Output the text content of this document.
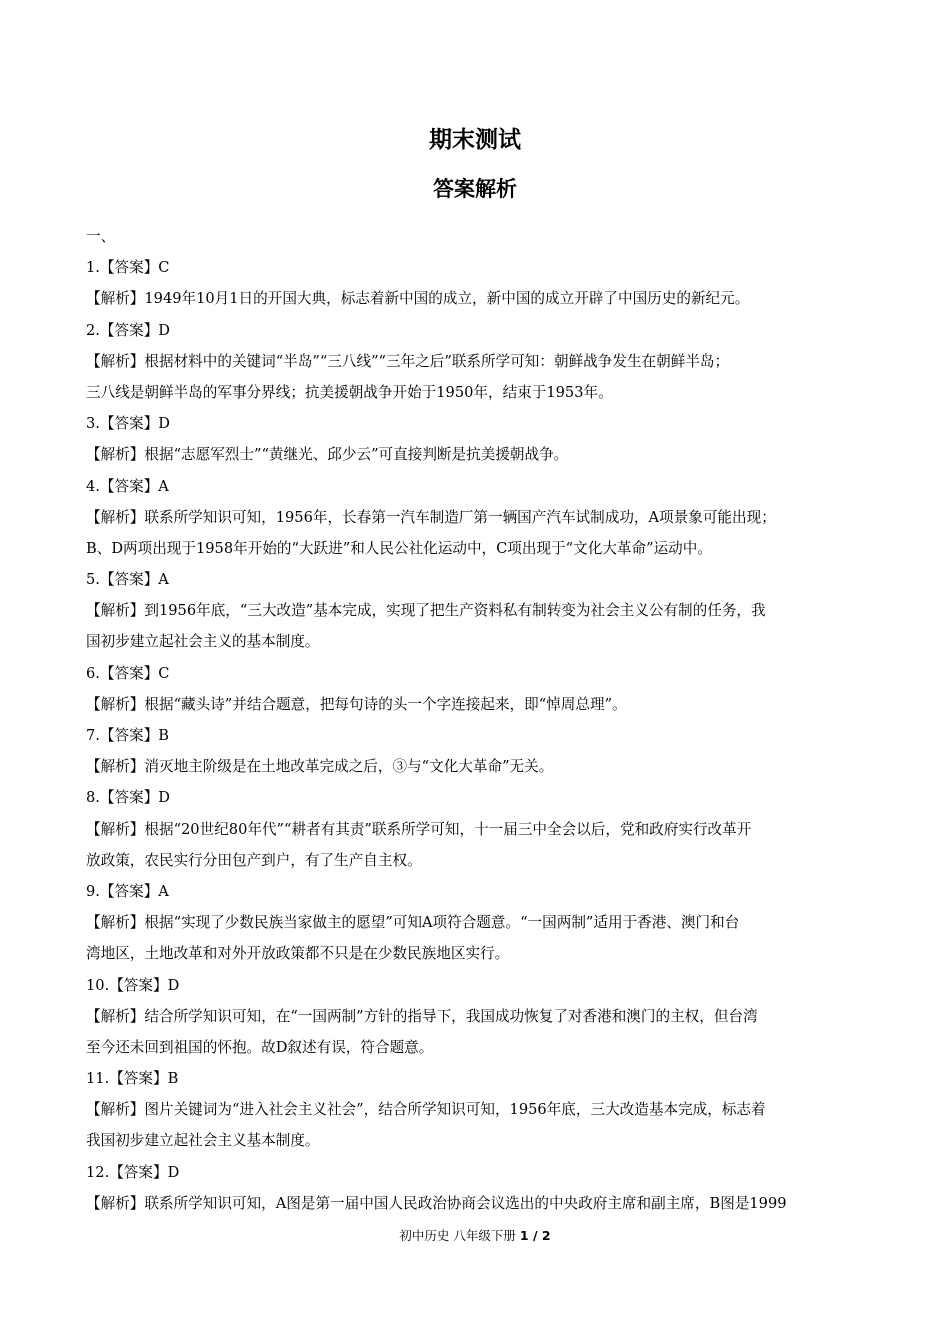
期末测试
答案解析
一、
1.【答案】C
【解析】1949年10月1日的开国大典，标志着新中国的成立，新中国的成立开辟了中国历史的新纪元。
2.【答案】D
【解析】根据材料中的关键词“半岛”“三八线”“三年之后”联系所学可知：朝鲜战争发生在朝鲜半岛；
三八线是朝鲜半岛的军事分界线；抗美援朝战争开始于1950年，结束于1953年。
3.【答案】D
【解析】根据“志愿军烈士”“黄继光、邱少云”可直接判断是抗美援朝战争。
4.【答案】A
【解析】联系所学知识可知，1956年，长春第一汽车制造厂第一辆国产汽车试制成功，A项景象可能出现；
B、D两项出现于1958年开始的“大跃进”和人民公社化运动中，C项出现于“文化大革命”运动中。
5.【答案】A
【解析】到1956年底，“三大改造”基本完成，实现了把生产资料私有制转变为社会主义公有制的任务，我
国初步建立起社会主义的基本制度。
6.【答案】C
【解析】根据“藏头诗”并结合题意，把每句诗的头一个字连接起来，即“悼周总理”。
7.【答案】B
【解析】消灭地主阶级是在土地改革完成之后，③与“文化大革命”无关。
8.【答案】D
【解析】根据“20世纪80年代”“耕者有其责”联系所学可知，十一届三中全会以后，党和政府实行改革开
放政策，农民实行分田包产到户，有了生产自主权。
9.【答案】A
【解析】根据“实现了少数民族当家做主的愿望”可知A项符合题意。“一国两制”适用于香港、澳门和台
湾地区，土地改革和对外开放政策都不只是在少数民族地区实行。
10.【答案】D
【解析】结合所学知识可知，在“一国两制”方针的指导下，我国成功恢复了对香港和澳门的主权，但台湾
至今还未回到祖国的怀抱。故D叙述有误，符合题意。
11.【答案】B
【解析】图片关键词为“进入社会主义社会”，结合所学知识可知，1956年底，三大改造基本完成，标志着
我国初步建立起社会主义基本制度。
12.【答案】D
【解析】联系所学知识可知，A图是第一届中国人民政治协商会议选出的中央政府主席和副主席，B图是1999
初中历史 八年级下册 1 / 2
